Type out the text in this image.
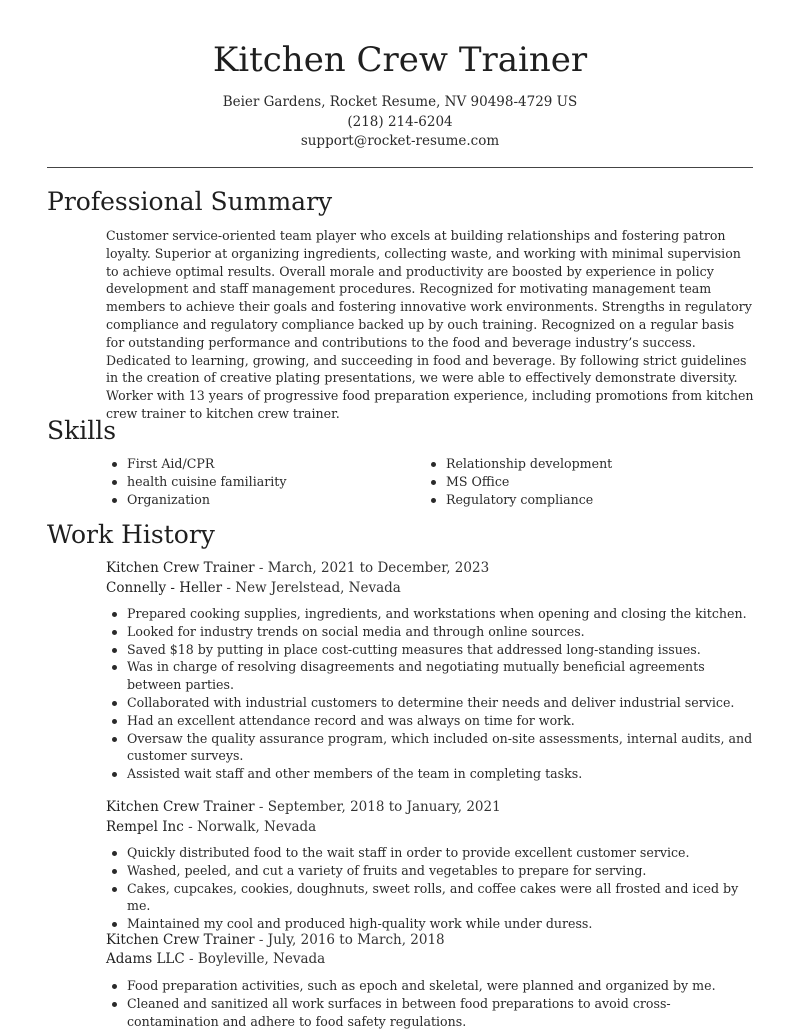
Kitchen Crew Trainer
Beier Gardens, Rocket Resume, NV 90498-4729 US
(218) 214-6204
support@rocket-resume.com
Professional Summary

Customer service-oriented team player who excels at building relationships and fostering patron loyalty. Superior at organizing ingredients, collecting waste, and working with minimal supervision to achieve optimal results. Overall morale and productivity are boosted by experience in policy development and staff management procedures. Recognized for motivating management team members to achieve their goals and fostering innovative work environments. Strengths in regulatory compliance and regulatory compliance backed up by ouch training. Recognized on a regular basis for outstanding performance and contributions to the food and beverage industry’s success. Dedicated to learning, growing, and succeeding in food and beverage. By following strict guidelines in the creation of creative plating presentations, we were able to effectively demonstrate diversity. Worker with 13 years of progressive food preparation experience, including promotions from kitchen crew trainer to kitchen crew trainer.

Skills
First Aid/CPR
health cuisine familiarity
Organization
Relationship development
MS Office
Regulatory compliance
Work History
Kitchen Crew Trainer - March, 2021 to December, 2023
Connelly - Heller - New Jerelstead, Nevada
Prepared cooking supplies, ingredients, and workstations when opening and closing the kitchen.
Looked for industry trends on social media and through online sources.
Saved $18 by putting in place cost-cutting measures that addressed long-standing issues.
Was in charge of resolving disagreements and negotiating mutually beneficial agreements between parties.
Collaborated with industrial customers to determine their needs and deliver industrial service.
Had an excellent attendance record and was always on time for work.
Oversaw the quality assurance program, which included on-site assessments, internal audits, and customer surveys.
Assisted wait staff and other members of the team in completing tasks.
Kitchen Crew Trainer - September, 2018 to January, 2021
Rempel Inc - Norwalk, Nevada
Quickly distributed food to the wait staff in order to provide excellent customer service.
Washed, peeled, and cut a variety of fruits and vegetables to prepare for serving.
Cakes, cupcakes, cookies, doughnuts, sweet rolls, and coffee cakes were all frosted and iced by me.
Maintained my cool and produced high-quality work while under duress.
Kitchen Crew Trainer - July, 2016 to March, 2018
Adams LLC - Boyleville, Nevada
Food preparation activities, such as epoch and skeletal, were planned and organized by me.
Cleaned and sanitized all work surfaces in between food preparations to avoid cross-contamination and adhere to food safety regulations.
